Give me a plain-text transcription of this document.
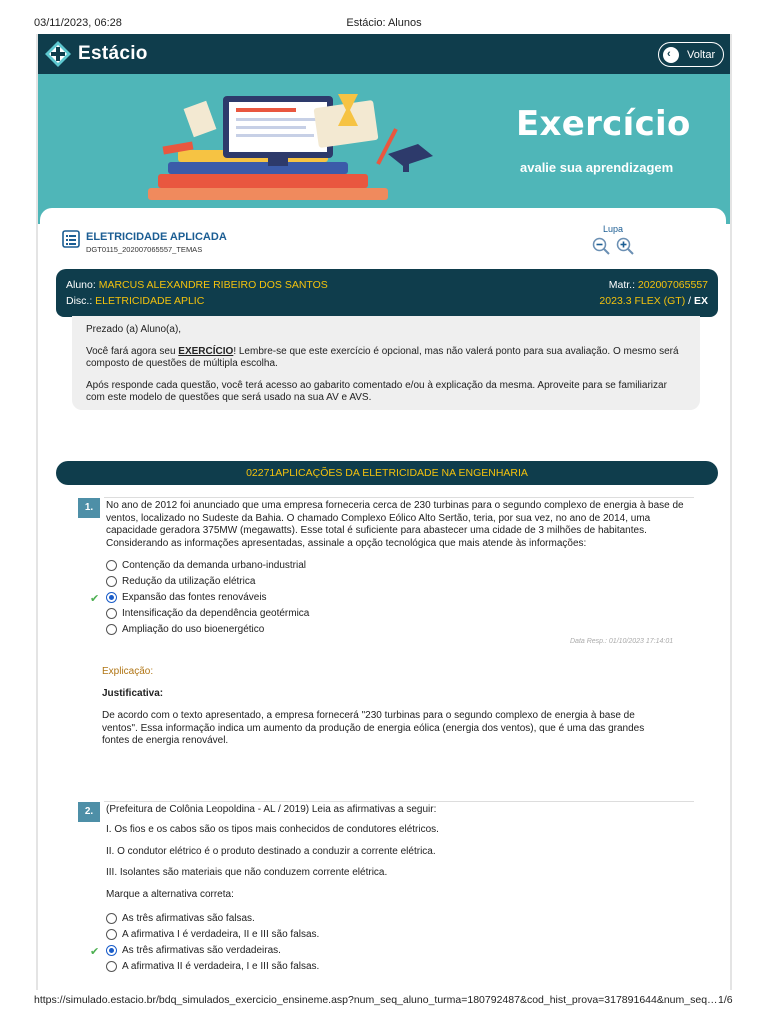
03/11/2023, 06:28	Estácio: Alunos
Estácio	‹ Voltar
Exercício
avalie sua aprendizagem
ELETRICIDADE APLICADA
DGT0115_202007065557_TEMAS
Lupa
Aluno: MARCUS ALEXANDRE RIBEIRO DOS SANTOS
Disc.: ELETRICIDADE APLIC
Matr.: 202007065557
2023.3 FLEX (GT) / EX

Prezado (a) Aluno(a),

Você fará agora seu EXERCÍCIO! Lembre-se que este exercício é opcional, mas não valerá ponto para sua avaliação. O mesmo será composto de questões de múltipla escolha.

Após responde cada questão, você terá acesso ao gabarito comentado e/ou à explicação da mesma. Aproveite para se familiarizar com este modelo de questões que será usado na sua AV e AVS.

02271APLICAÇÕES DA ELETRICIDADE NA ENGENHARIA
1.	No ano de 2012 foi anunciado que uma empresa forneceria cerca de 230 turbinas para o segundo complexo de energia à base de ventos, localizado no Sudeste da Bahia. O chamado Complexo Eólico Alto Sertão, teria, por sua vez, no ano de 2014, uma capacidade geradora 375MW (megawatts). Esse total é suficiente para abastecer uma cidade de 3 milhões de habitantes. Considerando as informações apresentadas, assinale a opção tecnológica que mais atende às informações:
Contenção da demanda urbano-industrial
Redução da utilização elétrica
✔ Expansão das fontes renováveis
Intensificação da dependência geotérmica
Ampliação do uso bioenergético
Data Resp.: 01/10/2023 17:14:01
Explicação:
Justificativa:
De acordo com o texto apresentado, a empresa fornecerá "230 turbinas para o segundo complexo de energia à base de ventos". Essa informação indica um aumento da produção de energia eólica (energia dos ventos), que é uma das grandes fontes de energia renovável.
2.	(Prefeitura de Colônia Leopoldina - AL / 2019) Leia as afirmativas a seguir:
I. Os fios e os cabos são os tipos mais conhecidos de condutores elétricos.
II. O condutor elétrico é o produto destinado a conduzir a corrente elétrica.
III. Isolantes são materiais que não conduzem corrente elétrica.
Marque a alternativa correta:
As três afirmativas são falsas.
A afirmativa I é verdadeira, II e III são falsas.
✔ As três afirmativas são verdadeiras.
A afirmativa II é verdadeira, I e III são falsas.
https://simulado.estacio.br/bdq_simulados_exercicio_ensineme.asp?num_seq_aluno_turma=180792487&cod_hist_prova=317891644&num_seq… 1/6
